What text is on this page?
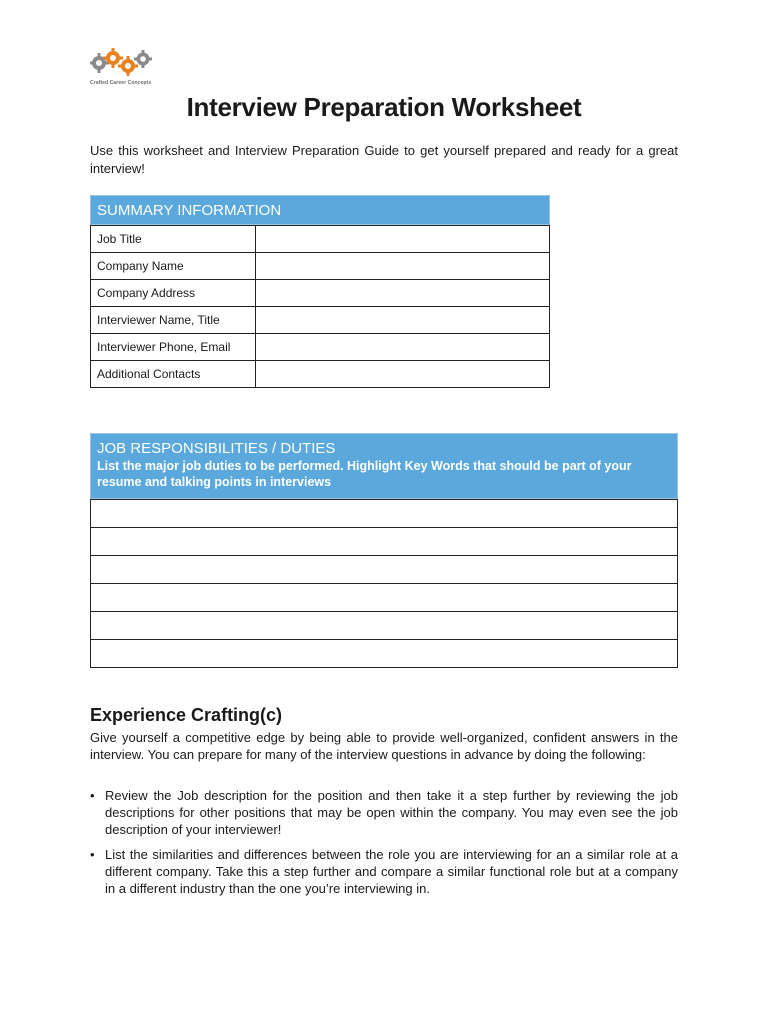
Crafted Career Concepts
Interview Preparation Worksheet
Use this worksheet and Interview Preparation Guide to get yourself prepared and ready for a great interview!
SUMMARY INFORMATION
Job Title	
Company Name	
Company Address	
Interviewer Name, Title	
Interviewer Phone, Email	
Additional Contacts	
JOB RESPONSIBILITIES / DUTIES
List the major job duties to be performed. Highlight Key Words that should be part of your resume and talking points in interviews

Experience Crafting(c)
Give yourself a competitive edge by being able to provide well-organized, confident answers in the interview. You can prepare for many of the interview questions in advance by doing the following:
• Review the Job description for the position and then take it a step further by reviewing the job descriptions for other positions that may be open within the company. You may even see the job description of your interviewer!
• List the similarities and differences between the role you are interviewing for an a similar role at a different company. Take this a step further and compare a similar functional role but at a company in a different industry than the one you’re interviewing in.
